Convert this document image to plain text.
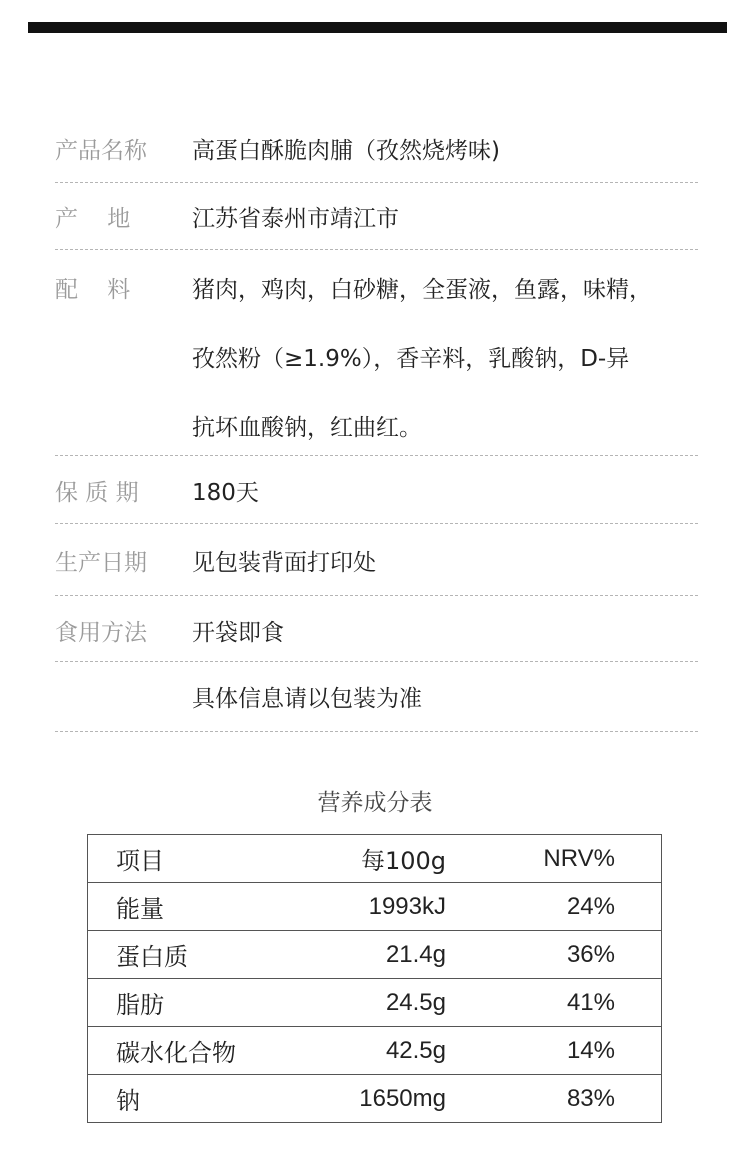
产品名称	高蛋白酥脆肉脯（孜然烧烤味)
产    地	江苏省泰州市靖江市
配    料	猪肉，鸡肉，白砂糖，全蛋液，鱼露，味精，
孜然粉（≥1.9%），香辛料，乳酸钠，D-异
抗坏血酸钠，红曲红。
保 质 期	180天
生产日期	见包装背面打印处
食用方法	开袋即食
具体信息请以包装为准
营养成分表
项目	每100g	NRV%
能量	1993kJ	24%
蛋白质	21.4g	36%
脂肪	24.5g	41%
碳水化合物	42.5g	14%
钠	1650mg	83%
